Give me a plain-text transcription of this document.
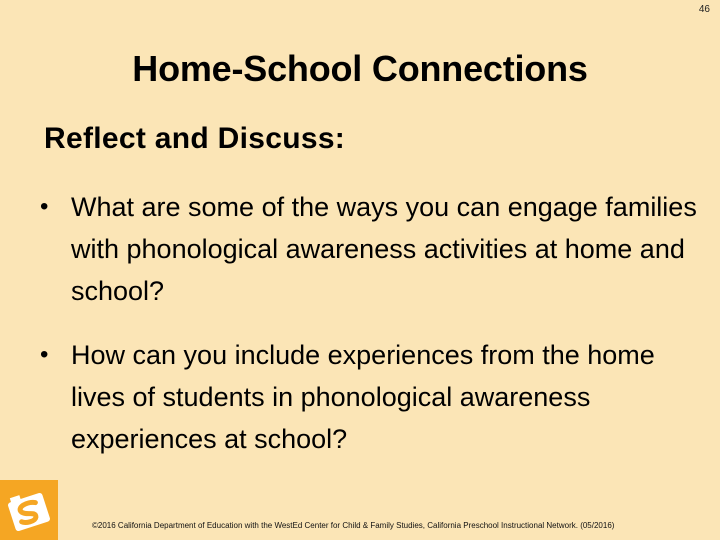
46
Home-School Connections
Reflect and Discuss:
• What are some of the ways you can engage families with phonological awareness activities at home and school?
• How can you include experiences from the home lives of students in phonological awareness experiences at school?
©2016 California Department of Education with the WestEd Center for Child & Family Studies, California Preschool Instructional Network. (05/2016)
